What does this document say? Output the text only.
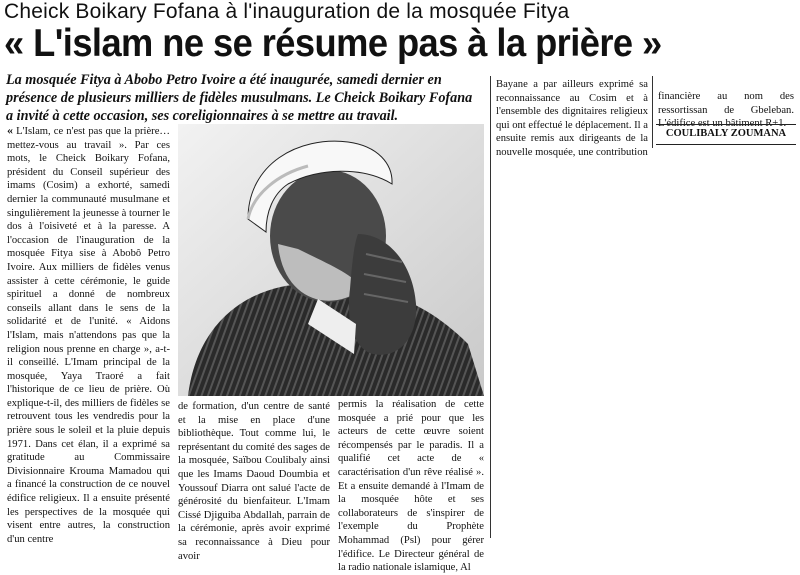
Cheick Boikary Fofana à l'inauguration de la mosquée Fitya
« L'islam ne se résume pas à la prière »
La mosquée Fitya à Abobo Petro Ivoire a été inaugurée, samedi dernier en présence de plusieurs milliers de fidèles musulmans. Le Cheick Boikary Fofana a invité à cette occasion, ses coreligionnaires à se mettre au travail.
« L'Islam, ce n'est pas que la prière…mettez-vous au travail ». Par ces mots, le Cheick Boikary Fofana, président du Conseil supérieur des imams (Cosim) a exhorté, samedi dernier la communauté musulmane et singulièrement la jeunesse à tourner le dos à l'oisiveté et à la paresse. A l'occasion de l'inauguration de la mosquée Fitya sise à Abobô Petro Ivoire. Aux milliers de fidèles venus assister à cette cérémonie, le guide spirituel a donné de nombreux conseils allant dans le sens de la solidarité et de l'unité. « Aidons l'Islam, mais n'attendons pas que la religion nous prenne en charge », a-t-il conseillé. L'Imam principal de la mosquée, Yaya Traoré a fait l'historique de ce lieu de prière. Où explique-t-il, des milliers de fidèles se retrouvent tous les vendredis pour la prière sous le soleil et la pluie depuis 1971. Dans cet élan, il a exprimé sa gratitude au Commissaire Divisionnaire Krouma Mamadou qui a financé la construction de ce nouvel édifice religieux. Il a ensuite présenté les perspectives de la mosquée qui visent entre autres, la construction d'un centre
de formation, d'un centre de santé et la mise en place d'une bibliothèque. Tout comme lui, le représentant du comité des sages de la mosquée, Saïbou Coulibaly ainsi que les Imams Daoud Doumbia et Youssouf Diarra ont salué l'acte de générosité du bienfaiteur. L'Imam Cissé Djiguiba Abdallah, parrain de la cérémonie, après avoir exprimé sa reconnaissance à Dieu pour avoir
permis la réalisation de cette mosquée a prié pour que les acteurs de cette œuvre soient récompensés par le paradis. Il a qualifié cet acte de « caractérisation d'un rêve réalisé ». Et a ensuite demandé à l'Imam de la mosquée hôte et ses collaborateurs de s'inspirer de l'exemple du Prophète Mohammad (Psl) pour gérer l'édifice. Le Directeur général de la radio nationale islamique, Al
Bayane a par ailleurs exprimé sa reconnaissance au Cosim et à l'ensemble des dignitaires religieux qui ont effectué le déplacement. Il a ensuite remis aux dirigeants de la nouvelle mosquée, une contribution
financière au nom des ressortissan de Gbeleban. L'édifice est un bâtiment R+1.
COULIBALY ZOUMANA
